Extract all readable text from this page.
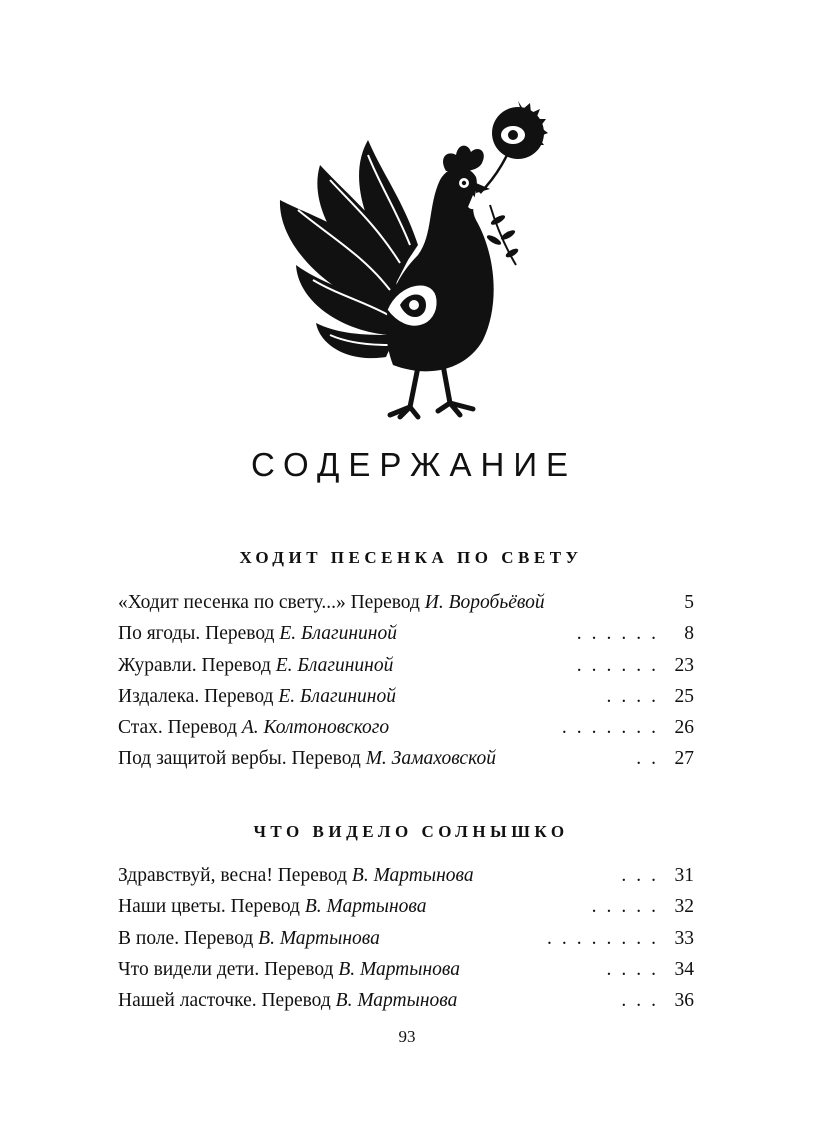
СОДЕРЖАНИЕ
ХОДИТ ПЕСЕНКА ПО СВЕТУ
«Ходит песенка по свету...» Перевод И. Воробьёвой	5
По ягоды. Перевод Е. Благининой	...... 8
Журавли. Перевод Е. Благининой	...... 23
Издалека. Перевод Е. Благининой	.... 25
Стах. Перевод А. Колтоновского	....... 26
Под защитой вербы. Перевод М. Замаховской	.. 27
ЧТО ВИДЕЛО СОЛНЫШКО
Здравствуй, весна! Перевод В. Мартынова	... 31
Наши цветы. Перевод В. Мартынова	..... 32
В поле. Перевод В. Мартынова	........ 33
Что видели дети. Перевод В. Мартынова	.... 34
Нашей ласточке. Перевод В. Мартынова	... 36
93
